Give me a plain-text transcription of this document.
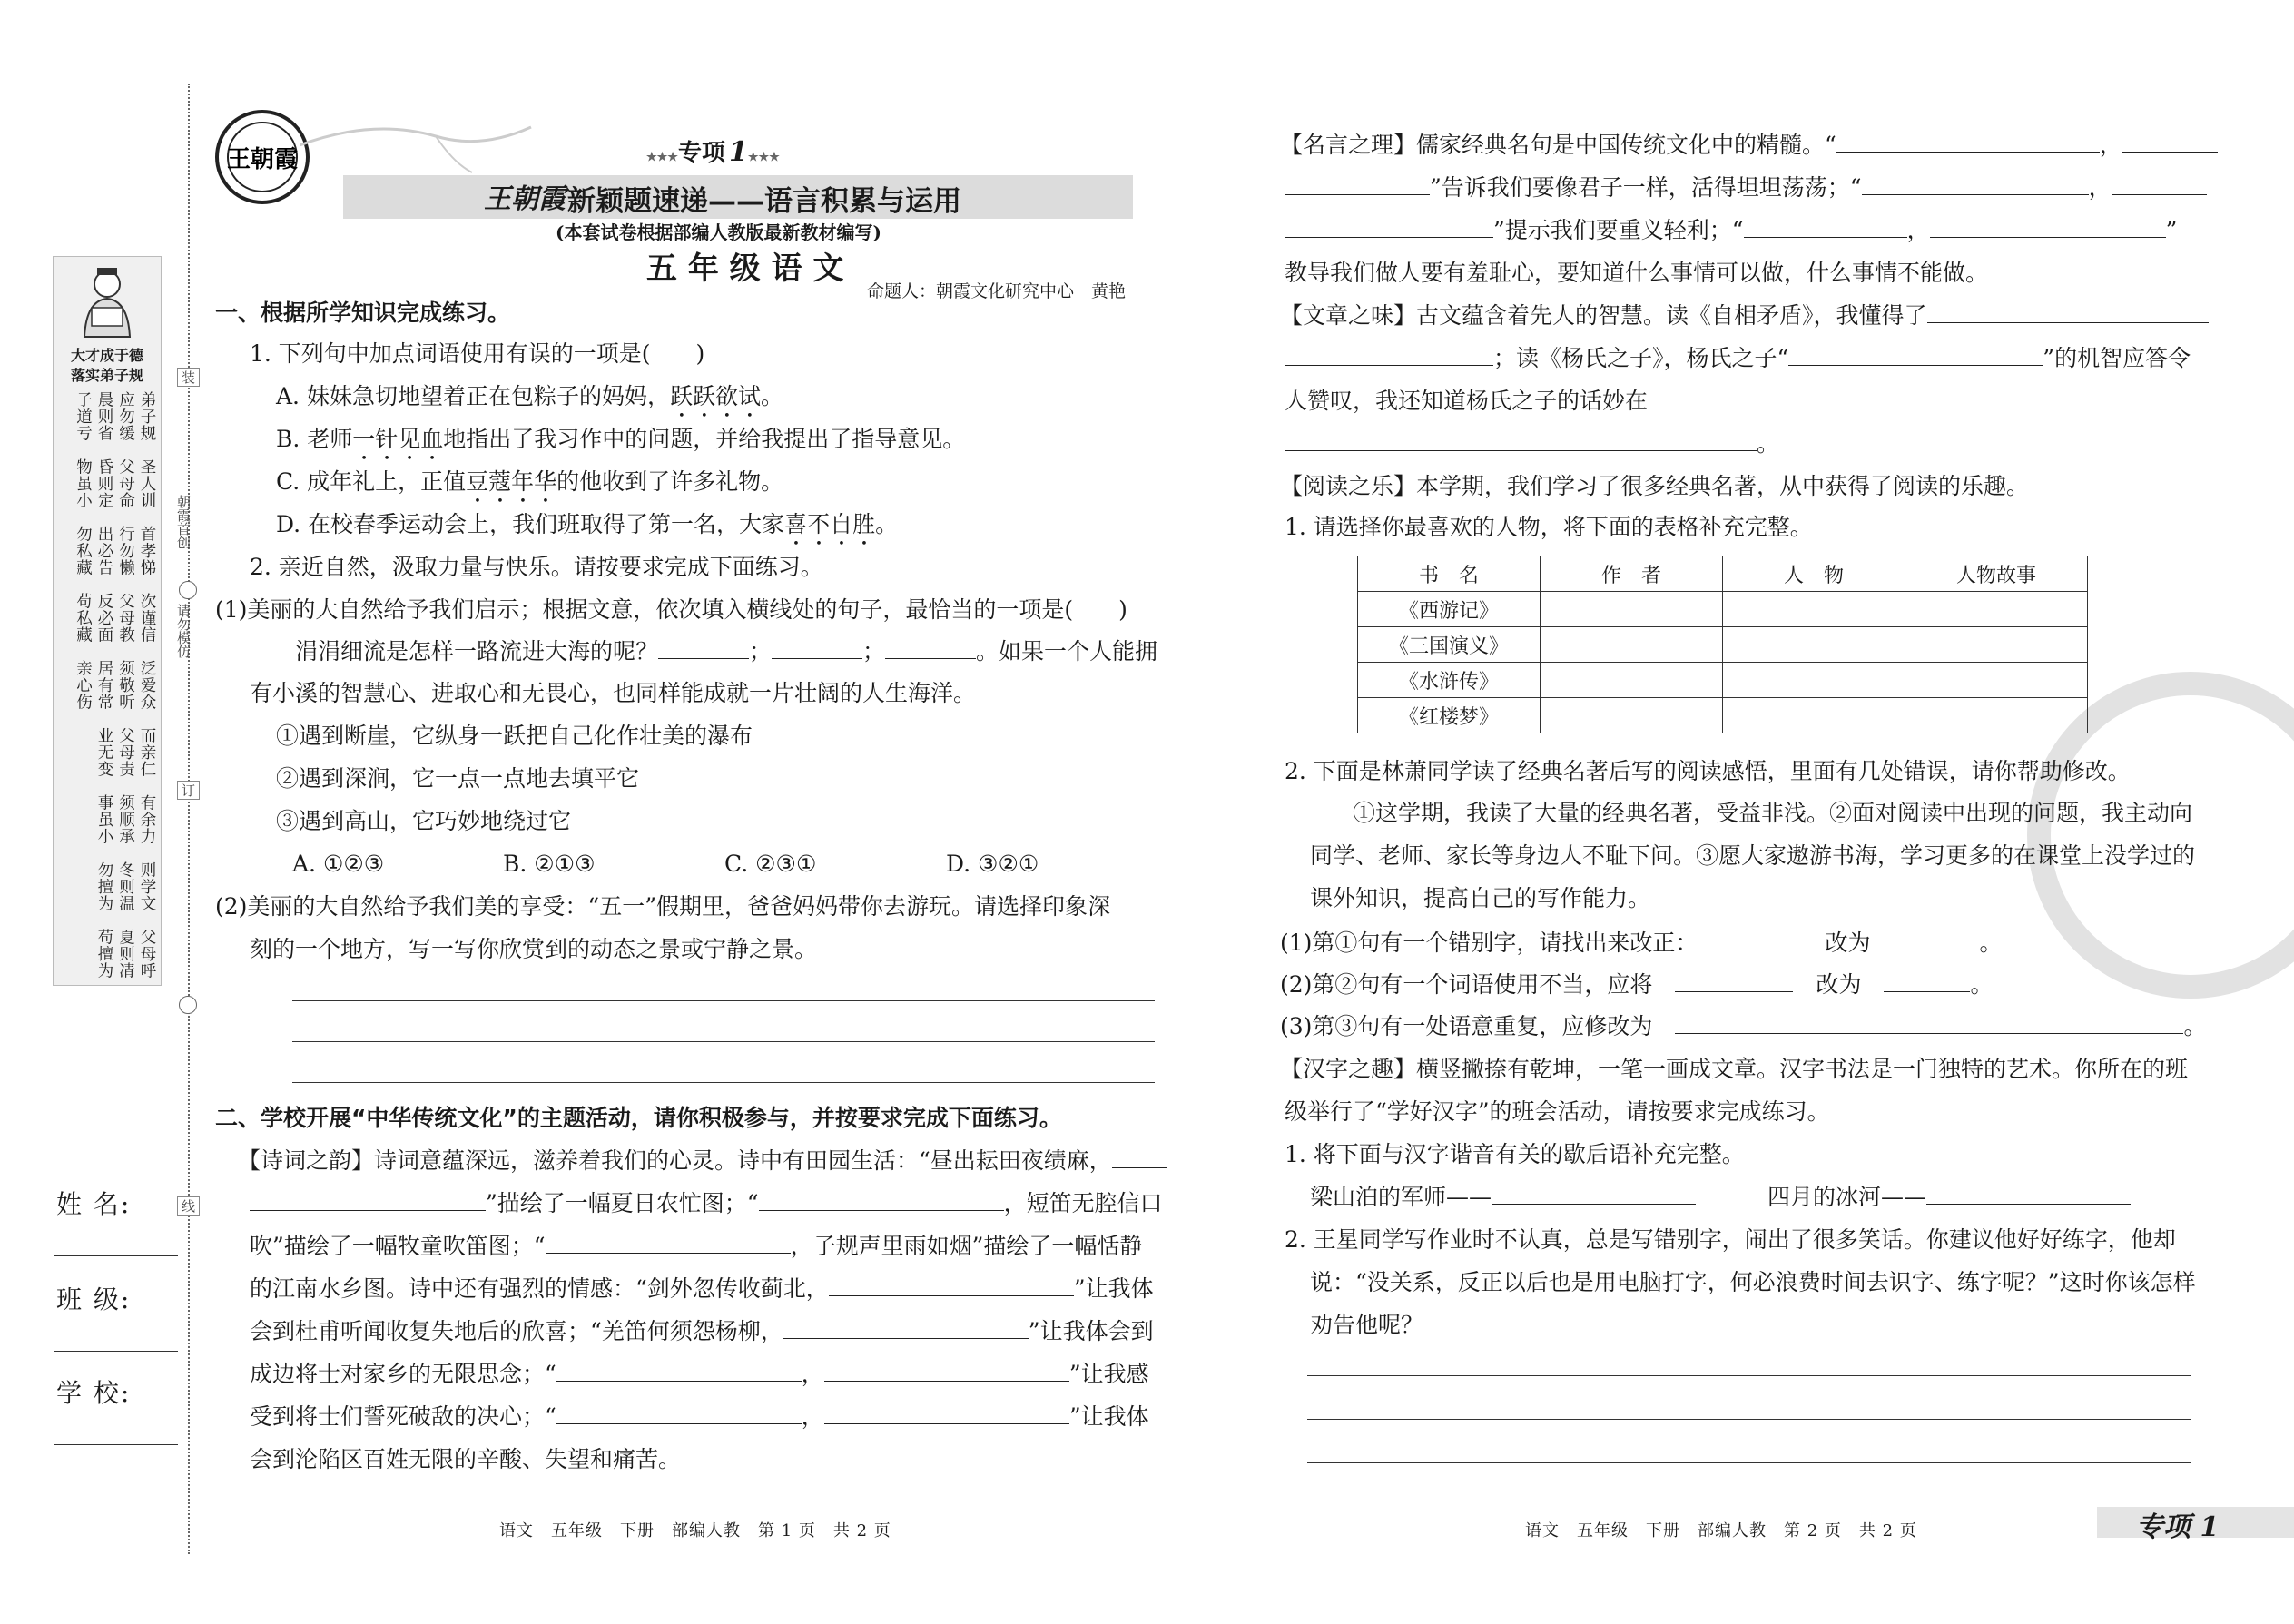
装
朝霞首创
请勿模仿
订
线
大才成于德
落实弟子规
弟子规　圣人训　首孝悌　次谨信　泛爱众　而亲仁　有余力　则学文　父母呼　应勿缓　父母命　行勿懒　父母教　须敬听　父母责　须顺承　冬则温　夏则凊　晨则省　昏则定　出必告　反必面　居有常　业无变　事虽小　勿擅为　苟擅为　子道亏　物虽小　勿私藏　苟私藏　亲心伤
姓 名:
班 级:
学 校:
王朝霞	★★★专项 1★★★
王朝霞 新颖题速递——语言积累与运用
(本套试卷根据部编人教版最新教材编写)
五 年 级 语 文
命题人：朝霞文化研究中心　黄艳
一、根据所学知识完成练习。
1. 下列句中加点词语使用有误的一项是(　　)
A. 妹妹急切地望着正在包粽子的妈妈，跃跃欲试。
B. 老师一针见血地指出了我习作中的问题，并给我提出了指导意见。
C. 成年礼上，正值豆蔻年华的他收到了许多礼物。
D. 在校春季运动会上，我们班取得了第一名，大家喜不自胜。
2. 亲近自然，汲取力量与快乐。请按要求完成下面练习。
(1)美丽的大自然给予我们启示；根据文意，依次填入横线处的句子，最恰当的一项是(　　)
涓涓细流是怎样一路流进大海的呢？	；	；	。如果一个人能拥
有小溪的智慧心、进取心和无畏心，也同样能成就一片壮阔的人生海洋。
①遇到断崖，它纵身一跃把自己化作壮美的瀑布
②遇到深涧，它一点一点地去填平它
③遇到高山，它巧妙地绕过它
A. ①②③	B. ②①③	C. ②③①	D. ③②①
(2)美丽的大自然给予我们美的享受：“五一”假期里，爸爸妈妈带你去游玩。请选择印象深
刻的一个地方，写一写你欣赏到的动态之景或宁静之景。
二、学校开展“中华传统文化”的主题活动，请你积极参与，并按要求完成下面练习。
【诗词之韵】诗词意蕴深远，滋养着我们的心灵。诗中有田园生活：“昼出耘田夜绩麻，
”描绘了一幅夏日农忙图；“	，短笛无腔信口
吹”描绘了一幅牧童吹笛图；“	，子规声里雨如烟”描绘了一幅恬静
的江南水乡图。诗中还有强烈的情感：“剑外忽传收蓟北，	”让我体
会到杜甫听闻收复失地后的欣喜；“羌笛何须怨杨柳，	”让我体会到
成边将士对家乡的无限思念；“	，	”让我感
受到将士们誓死破敌的决心；“	，	”让我体
会到沦陷区百姓无限的辛酸、失望和痛苦。
语文　五年级　下册　部编人教　第 1 页　共 2 页
【名言之理】儒家经典名句是中国传统文化中的精髓。“	，
”告诉我们要像君子一样，活得坦坦荡荡；“	，
”提示我们要重义轻利；“	，	”
教导我们做人要有羞耻心，要知道什么事情可以做，什么事情不能做。
【文章之味】古文蕴含着先人的智慧。读《自相矛盾》，我懂得了
；读《杨氏之子》，杨氏之子“	”的机智应答令
人赞叹，我还知道杨氏之子的话妙在
。
【阅读之乐】本学期，我们学习了很多经典名著，从中获得了阅读的乐趣。
1. 请选择你最喜欢的人物，将下面的表格补充完整。
书　名	作　者	人　物	人物故事
《西游记》			
《三国演义》			
《水浒传》			
《红楼梦》			
2. 下面是林萧同学读了经典名著后写的阅读感悟，里面有几处错误，请你帮助修改。
①这学期，我读了大量的经典名著，受益非浅。②面对阅读中出现的问题，我主动向
同学、老师、家长等身边人不耻下问。③愿大家遨游书海，学习更多的在课堂上没学过的
课外知识，提高自己的写作能力。
(1)第①句有一个错别字，请找出来改正：　	改为　	。
(2)第②句有一个词语使用不当，应将　　	改为　	。
(3)第③句有一处语意重复，应修改为　	。
【汉字之趣】横竖撇捺有乾坤，一笔一画成文章。汉字书法是一门独特的艺术。你所在的班
级举行了“学好汉字”的班会活动，请按要求完成练习。
1. 将下面与汉字谐音有关的歇后语补充完整。
梁山泊的军师——	四月的冰河——
2. 王星同学写作业时不认真，总是写错别字，闹出了很多笑话。你建议他好好练字，他却
说：“没关系，反正以后也是用电脑打字，何必浪费时间去识字、练字呢？”这时你该怎样
劝告他呢？
语文　五年级　下册　部编人教　第 2 页　共 2 页	专项 1
